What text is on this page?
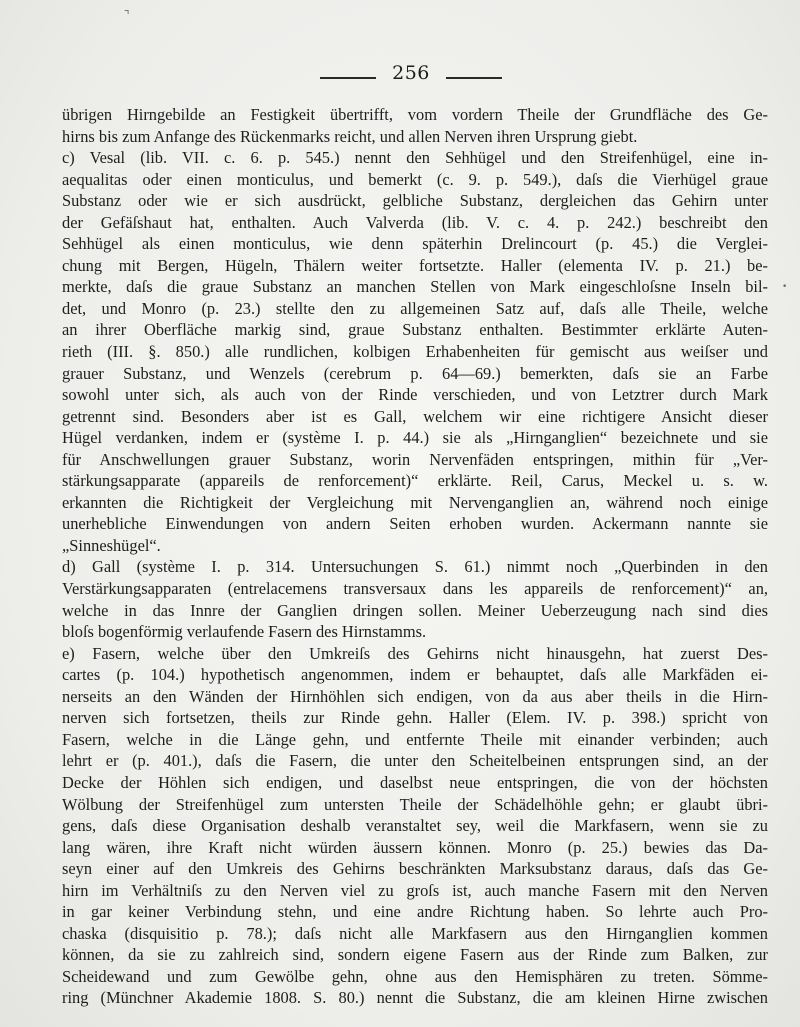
⌝
•
256
übrigen Hirngebilde an Festigkeit übertrifft, vom vordern Theile der Grundfläche des Ge-
hirns bis zum Anfange des Rückenmarks reicht, und allen Nerven ihren Ursprung giebt.
c) Vesal (lib. VII. c. 6. p. 545.) nennt den Sehhügel und den Streifenhügel, eine in-
aequalitas oder einen monticulus, und bemerkt (c. 9. p. 549.), daſs die Vierhügel graue
Substanz oder wie er sich ausdrückt, gelbliche Substanz, dergleichen das Gehirn unter
der Gefäſshaut hat, enthalten. Auch Valverda (lib. V. c. 4. p. 242.) beschreibt den
Sehhügel als einen monticulus, wie denn späterhin Drelincourt (p. 45.) die Verglei-
chung mit Bergen, Hügeln, Thälern weiter fortsetzte. Haller (elementa IV. p. 21.) be-
merkte, daſs die graue Substanz an manchen Stellen von Mark eingeschloſsne Inseln bil-
det, und Monro (p. 23.) stellte den zu allgemeinen Satz auf, daſs alle Theile, welche
an ihrer Oberfläche markig sind, graue Substanz enthalten. Bestimmter erklärte Auten-
rieth (III. §. 850.) alle rundlichen, kolbigen Erhabenheiten für gemischt aus weiſser und
grauer Substanz, und Wenzels (cerebrum p. 64—69.) bemerkten, daſs sie an Farbe
sowohl unter sich, als auch von der Rinde verschieden, und von Letztrer durch Mark
getrennt sind. Besonders aber ist es Gall, welchem wir eine richtigere Ansicht dieser
Hügel verdanken, indem er (système I. p. 44.) sie als „Hirnganglien“ bezeichnete und sie
für Anschwellungen grauer Substanz, worin Nervenfäden entspringen, mithin für „Ver-
stärkungsapparate (appareils de renforcement)“ erklärte. Reil, Carus, Meckel u. s. w.
erkannten die Richtigkeit der Vergleichung mit Nervenganglien an, während noch einige
unerhebliche Einwendungen von andern Seiten erhoben wurden. Ackermann nannte sie
„Sinneshügel“.
d) Gall (système I. p. 314. Untersuchungen S. 61.) nimmt noch „Querbinden in den
Verstärkungsapparaten (entrelacemens transversaux dans les appareils de renforcement)“ an,
welche in das Innre der Ganglien dringen sollen. Meiner Ueberzeugung nach sind dies
bloſs bogenförmig verlaufende Fasern des Hirnstamms.
e) Fasern, welche über den Umkreiſs des Gehirns nicht hinausgehn, hat zuerst Des-
cartes (p. 104.) hypothetisch angenommen, indem er behauptet, daſs alle Markfäden ei-
nerseits an den Wänden der Hirnhöhlen sich endigen, von da aus aber theils in die Hirn-
nerven sich fortsetzen, theils zur Rinde gehn. Haller (Elem. IV. p. 398.) spricht von
Fasern, welche in die Länge gehn, und entfernte Theile mit einander verbinden; auch
lehrt er (p. 401.), daſs die Fasern, die unter den Scheitelbeinen entsprungen sind, an der
Decke der Höhlen sich endigen, und daselbst neue entspringen, die von der höchsten
Wölbung der Streifenhügel zum untersten Theile der Schädelhöhle gehn; er glaubt übri-
gens, daſs diese Organisation deshalb veranstaltet sey, weil die Markfasern, wenn sie zu
lang wären, ihre Kraft nicht würden äussern können. Monro (p. 25.) bewies das Da-
seyn einer auf den Umkreis des Gehirns beschränkten Marksubstanz daraus, daſs das Ge-
hirn im Verhältniſs zu den Nerven viel zu groſs ist, auch manche Fasern mit den Nerven
in gar keiner Verbindung stehn, und eine andre Richtung haben. So lehrte auch Pro-
chaska (disquisitio p. 78.); daſs nicht alle Markfasern aus den Hirnganglien kommen
können, da sie zu zahlreich sind, sondern eigene Fasern aus der Rinde zum Balken, zur
Scheidewand und zum Gewölbe gehn, ohne aus den Hemisphären zu treten. Sömme-
ring (Münchner Akademie 1808. S. 80.) nennt die Substanz, die am kleinen Hirne zwischen
